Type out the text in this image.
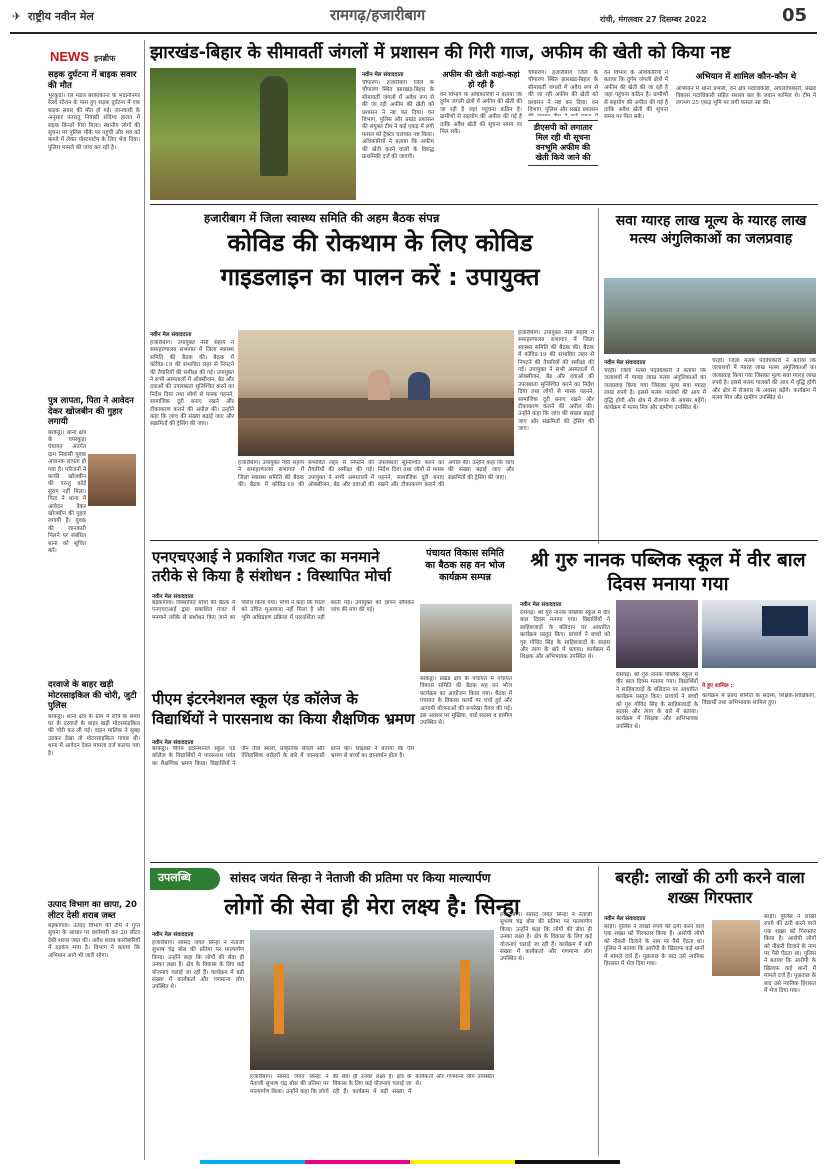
✈ राष्ट्रीय नवीन मेल	रामगढ़/हजारीबाग	रांची, मंगलवार 27 दिसम्बर 2022	05
NEWS इनब्रीफ
सड़क दुर्घटना में बाइक सवार की मौत
भुरकुंडा। रेल मंडल बरकाकाना के भदानीनगर रेलवे स्टेशन के पास हुए सड़क दुर्घटना में एक बाइक सवार की मौत हो गई। जानकारी के अनुसार पतरातु निवासी संदिग्ध हालत में सड़क किनारे गिरा मिला। स्थानीय लोगों की सूचना पर पुलिस मौके पर पहुंची और शव को कब्जे में लेकर पोस्टमार्टम के लिए भेज दिया। पुलिस मामले की जांच कर रही है।
पुत्र लापता, पिता ने आवेदन देकर खोजबीन की गुहार लगायी
बरकट्ठा। थाना क्षेत्र के चपरकुड़ा पंचायत अंतर्गत ग्राम निवासी युवक अचानक लापता हो गया है। परिजनों ने काफी खोजबीन की परन्तु कोई सुराग नहीं मिला। पिता ने थाना में आवेदन देकर खोजबीन की गुहार लगायी है। युवक की जानकारी मिलने पर संबंधित थाना को सूचित करें।
दरवाजे के बाहर खड़ी मोटरसाइकिल की चोरी, जुटी पुलिस
बरकट्ठा। थाना क्षेत्र के ग्राम में रात्रि के समय घर के दरवाजे के बाहर खड़ी मोटरसाइकिल की चोरी कर ली गई। वाहन मालिक ने सुबह उठकर देखा तो मोटरसाइकिल गायब थी। थाना में आवेदन देकर मामला दर्ज कराया गया है।
उत्पाद विभाग का छापा, 20 लीटर देसी शराब जब्त
बड़कागांव। उत्पाद विभाग की टीम ने गुप्त सूचना के आधार पर छापेमारी कर 20 लीटर देसी शराब जब्त की। अवैध शराब कारोबारियों में हड़कंप मचा है। विभाग ने बताया कि अभियान आगे भी जारी रहेगा।
झारखंड-बिहार के सीमावर्ती जंगलों में प्रशासन की गिरी गाज, अफीम की खेती को किया नष्ट
नवीन मेल संवाददाता
चौपारण। हजारीबाग जिले के चौपारण स्थित झारखंड-बिहार के सीमावर्ती जंगलों में अवैध रूप से की जा रही अफीम की खेती को प्रशासन ने नष्ट कर दिया। वन विभाग, पुलिस और प्रखंड प्रशासन की संयुक्त टीम ने कई एकड़ में लगी फसल को ट्रैक्टर चलाकर नष्ट किया। अधिकारियों ने बताया कि अफीम की खेती करने वालों के विरुद्ध प्राथमिकी दर्ज की जाएगी।
अफीम की खेती कहां-कहां हो रही है
वन विभाग के अधिकारियों ने बताया कि दुर्गम जंगली क्षेत्रों में अफीम की खेती की जा रही है जहां पहुंचना कठिन है। ग्रामीणों से सहयोग की अपील की गई है ताकि अवैध खेती की सूचना समय पर मिल सके।
चौपारण। हजारीबाग जिले के चौपारण स्थित झारखंड-बिहार के सीमावर्ती जंगलों में अवैध रूप से की जा रही अफीम की खेती को प्रशासन ने नष्ट कर दिया। वन विभाग, पुलिस और प्रखंड प्रशासन
डीएसपी को लगातार मिल रही थी सूचना वनभूमि अफीम की खेती किये जाने की
वन विभाग के अधिकारियों ने बताया कि दुर्गम जंगली क्षेत्रों में अफीम की खेती की जा रही है जहां पहुंचना कठिन है। ग्रामीणों से सहयोग की अपील की गई है ताकि अवैध खेती की सूचना समय पर मिल सके।
अभियान में शामिल कौन-कौन थे
अभियान में थाना प्रभारी, वन क्षेत्र पदाधिकारी, अंचलाधिकारी, प्रखंड विकास पदाधिकारी सहित सशस्त्र बल के जवान शामिल थे। टीम ने लगभग 25 एकड़ भूमि पर लगी फसल नष्ट की।
हजारीबाग में जिला स्वास्थ्य समिति की अहम बैठक संपन्न
कोविड की रोकथाम के लिए कोविड
गाइडलाइन का पालन करें : उपायुक्त
नवीन मेल संवाददाता
हजारीबाग। उपायुक्त नैंसी सहाय ने समाहरणालय सभागार में जिला स्वास्थ्य समिति की बैठक की। बैठक में कोविड-19 की संभावित लहर से निपटने की तैयारियों की समीक्षा की गई। उपायुक्त ने सभी अस्पतालों में ऑक्सीजन, बेड और दवाओं की उपलब्धता सुनिश्चित करने का निर्देश दिया तथा लोगों से मास्क पहनने, सामाजिक दूरी बनाए रखने और टीकाकरण कराने की अपील की। उन्होंने कहा कि जांच की संख्या बढ़ाई जाए और संक्रमितों की ट्रेसिंग की जाए।
हजारीबाग। उपायुक्त नैंसी सहाय ने समाहरणालय सभागार में जिला स्वास्थ्य समिति की बैठक की। बैठक में कोविड-19 की संभावित लहर से निपटने की तैयारियों की समीक्षा की गई। उपायुक्त ने सभी अस्पतालों में ऑक्सीजन, बेड और दवाओं की उपलब्धता सुनिश्चित करने का निर्देश दिया तथा लोगों से मास्क पहनने, सामाजिक दूरी बनाए रखने और टीकाकरण कराने की अपील की। उन्होंने कहा कि जांच की संख्या बढ़ाई जाए और संक्रमितों की ट्रेसिंग की जाए।
हजारीबाग। उपायुक्त नैंसी सहाय ने समाहरणालय सभागार में जिला स्वास्थ्य समिति की बैठक की। बैठक में कोविड-19 की संभावित लहर से निपटने की तैयारियों की समीक्षा की गई। उपायुक्त ने सभी अस्पतालों में ऑक्सीजन, बेड और दवाओं की उपलब्धता सुनिश्चित करने का निर्देश दिया तथा लोगों से मास्क पहनने, सामाजिक दूरी बनाए रखने और टीकाकरण कराने की अपील की। उन्होंने कहा कि जांच की संख्या बढ़ाई जाए और संक्रमितों की ट्रेसिंग की जाए।
सवा ग्यारह लाख मूल्य के ग्यारह लाख मत्स्य अंगुलिकाओं का जलप्रवाह
नवीन मेल संवाददाता
चरही। जिला मत्स्य पदाधिकारी ने बताया कि जलाशयों में ग्यारह लाख मत्स्य अंगुलिकाओं का जलप्रवाह किया गया जिसका मूल्य सवा ग्यारह लाख रुपये है। इससे मत्स्य पालकों की आय में वृद्धि होगी और क्षेत्र में रोजगार के अवसर बढ़ेंगे। कार्यक्रम में मत्स्य मित्र और ग्रामीण उपस्थित थे।
चरही। जिला मत्स्य पदाधिकारी ने बताया कि जलाशयों में ग्यारह लाख मत्स्य अंगुलिकाओं का जलप्रवाह किया गया जिसका मूल्य सवा ग्यारह लाख रुपये है। इससे मत्स्य पालकों की आय में वृद्धि होगी और क्षेत्र में रोजगार के अवसर बढ़ेंगे। कार्यक्रम में मत्स्य मित्र और ग्रामीण उपस्थित थे।
एनएचएआई ने प्रकाशित गजट का मनमाने तरीके से किया है संशोधन : विस्थापित मोर्चा
नवीन मेल संवाददाता
बड़कागांव। विस्थापित मोर्चा की बैठक में एनएचएआई द्वारा प्रकाशित गजट में मनमाने तरीके से संशोधन किए जाने का विरोध किया गया। मोर्चा ने कहा कि रैयतों को उचित मुआवजा नहीं मिला है और भूमि अधिग्रहण प्रक्रिया में पारदर्शिता नहीं बरती गई। उपायुक्त को ज्ञापन सौंपकर जांच की मांग की गई।
पंचायत विकास समिति का बैठक सह वन भोज कार्यक्रम सम्पन्न
बरकट्ठा। प्रखंड क्षेत्र के पंचायत में पंचायत विकास समिति की बैठक सह वन भोज कार्यक्रम का आयोजन किया गया। बैठक में पंचायत के विकास कार्यों पर चर्चा हुई और आगामी योजनाओं की रूपरेखा तैयार की गई। इस अवसर पर मुखिया, वार्ड सदस्य व ग्रामीण उपस्थित थे।
श्री गुरु नानक पब्लिक स्कूल में वीर बाल दिवस मनाया गया
नवीन मेल संवाददाता
रामगढ़। श्री गुरु नानक पब्लिक स्कूल में वीर बाल दिवस मनाया गया। विद्यार्थियों ने साहिबजादों के बलिदान पर आधारित कार्यक्रम प्रस्तुत किए। प्राचार्य ने बच्चों को गुरु गोविंद सिंह के साहिबजादों के साहस और त्याग के बारे में बताया। कार्यक्रम में शिक्षक और अभिभावक उपस्थित थे।
रामगढ़। श्री गुरु नानक पब्लिक स्कूल में वीर बाल दिवस मनाया गया। विद्यार्थियों ने साहिबजादों के बलिदान पर आधारित कार्यक्रम प्रस्तुत किए। प्राचार्य ने बच्चों को गुरु गोविंद सिंह के साहिबजादों के साहस और त्याग के बारे में बताया। कार्यक्रम में शिक्षक और अभिभावक उपस्थित थे।
ये हुए शामिल :
कार्यक्रम में प्रबंध समिति के सदस्य, शिक्षक-शिक्षिकाएं, विद्यार्थी तथा अभिभावक शामिल हुए।
पीएम इंटरनेशनल स्कूल एंड कॉलेज के
विद्यार्थियों ने पारसनाथ का किया शैक्षणिक भ्रमण
नवीन मेल संवाददाता
बरकट्ठा। पीएम इंटरनेशनल स्कूल एंड कॉलेज के विद्यार्थियों ने पारसनाथ पर्वत का शैक्षणिक भ्रमण किया। विद्यार्थियों ने जैन तीर्थ स्थलों, प्राकृतिक सौंदर्य और ऐतिहासिक धरोहरों के बारे में जानकारी प्राप्त की। शिक्षकों ने बताया कि ऐसे भ्रमण से बच्चों का ज्ञानवर्धन होता है।
उपलब्धि	सांसद जयंत सिन्हा ने नेताजी की प्रतिमा पर किया माल्यार्पण
लोगों की सेवा ही मेरा लक्ष्य है: सिन्हा
नवीन मेल संवाददाता
हजारीबाग। सांसद जयंत सिन्हा ने नेताजी सुभाष चंद्र बोस की प्रतिमा पर माल्यार्पण किया। उन्होंने कहा कि लोगों की सेवा ही उनका लक्ष्य है। क्षेत्र के विकास के लिए कई योजनाएं चलाई जा रही हैं। कार्यक्रम में बड़ी संख्या में कार्यकर्ता और गणमान्य लोग उपस्थित थे।
हजारीबाग। सांसद जयंत सिन्हा ने नेताजी सुभाष चंद्र बोस की प्रतिमा पर माल्यार्पण किया। उन्होंने कहा कि लोगों की सेवा ही उनका लक्ष्य है। क्षेत्र के विकास के लिए कई योजनाएं चलाई जा रही हैं। कार्यक्रम में बड़ी संख्या में कार्यकर्ता और गणमान्य लोग उपस्थित थे।
हजारीबाग। सांसद जयंत सिन्हा ने नेताजी सुभाष चंद्र बोस की प्रतिमा पर माल्यार्पण किया। उन्होंने कहा कि लोगों की सेवा ही उनका लक्ष्य है। क्षेत्र के विकास के लिए कई योजनाएं चलाई जा रही हैं। कार्यक्रम में बड़ी संख्या में कार्यकर्ता और गणमान्य लोग उपस्थित थे।
बरही: लाखों की ठगी करने वाला शख्स गिरफ्तार
नवीन मेल संवाददाता
बरही। पुलिस ने लाखों रुपये की ठगी करने वाले एक शख्स को गिरफ्तार किया है। आरोपी लोगों को नौकरी दिलाने के नाम पर पैसे ऐंठता था। पुलिस ने बताया कि आरोपी के खिलाफ कई थानों में मामले दर्ज हैं। पूछताछ के बाद उसे न्यायिक हिरासत में भेज दिया गया।
बरही। पुलिस ने लाखों रुपये की ठगी करने वाले एक शख्स को गिरफ्तार किया है। आरोपी लोगों को नौकरी दिलाने के नाम पर पैसे ऐंठता था। पुलिस ने बताया कि आरोपी के खिलाफ कई थानों में मामले दर्ज हैं। पूछताछ के बाद उसे न्यायिक हिरासत में भेज दिया गया।
